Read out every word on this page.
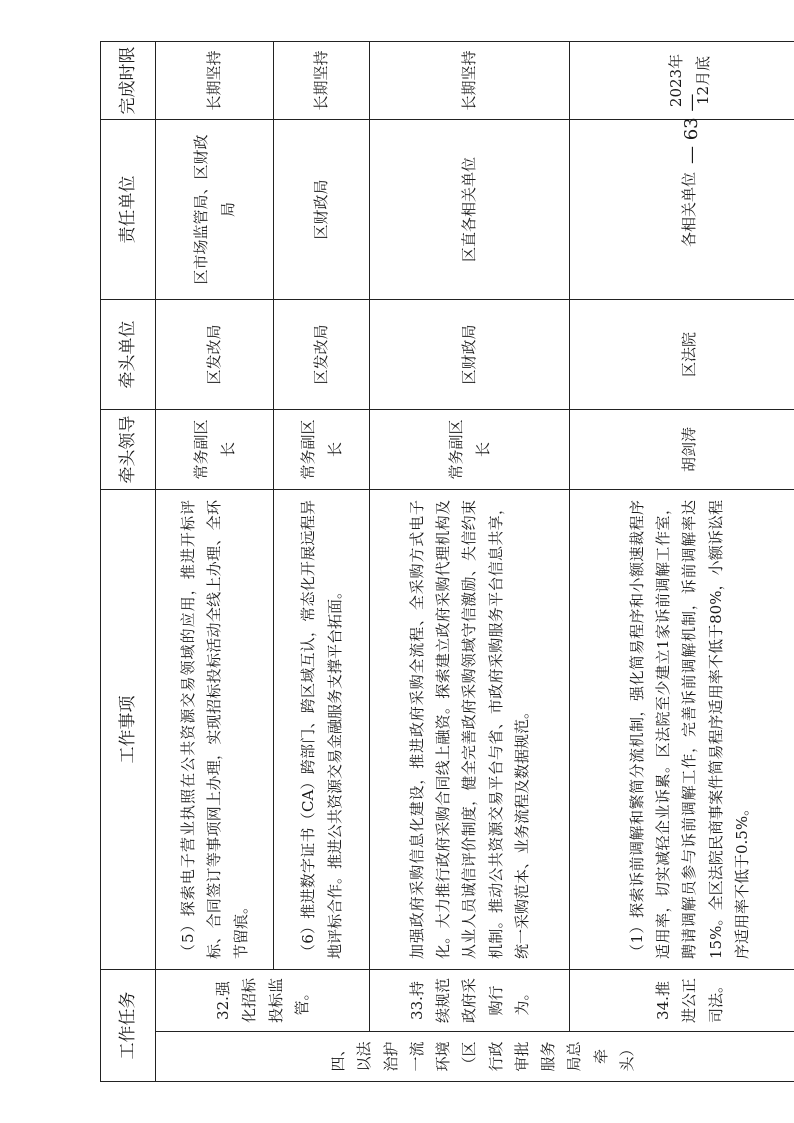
工作任务		工作事项	牵头领导	牵头单位	责任单位	完成时限
四、以法治护一流环境（区行政审批服务局总牵头）	32.强化招标投标监管。	（5）探索电子营业执照在公共资源交易领域的应用，推进开标评标、合同签订等事项网上办理，实现招标投标活动全线上办理、全环节留痕。	常务副区长	区发改局	区市场监管局、区财政局	长期坚持
		（6）推进数字证书（CA）跨部门、跨区域互认，常态化开展远程异地评标合作。推进公共资源交易金融服务支撑平台拓面。	常务副区长	区发改局	区财政局	长期坚持
	33.持续规范政府采购行为。	加强政府采购信息化建设，推进政府采购全流程、全采购方式电子化。大力推行政府采购合同线上融资。探索建立政府采购代理机构及从业人员诚信评价制度，健全完善政府采购领域守信激励、失信约束机制。推动公共资源交易平台与省、市政府采购服务平台信息共享，统一采购范本、业务流程及数据规范。	常务副区长	区财政局	区直各相关单位	长期坚持
	34.推进公正司法。	（1）探索诉前调解和繁简分流机制，强化简易程序和小额速裁程序适用率，切实减轻企业诉累。区法院至少建立1家诉前调解工作室，聘请调解员参与诉前调解工作，完善诉前调解机制，诉前调解率达15%。全区法院民商事案件简易程序适用率不低于80%，小额诉讼程序适用率不低于0.5%。	胡剑涛	区法院	各相关单位	2023年12月底
— 63 —
